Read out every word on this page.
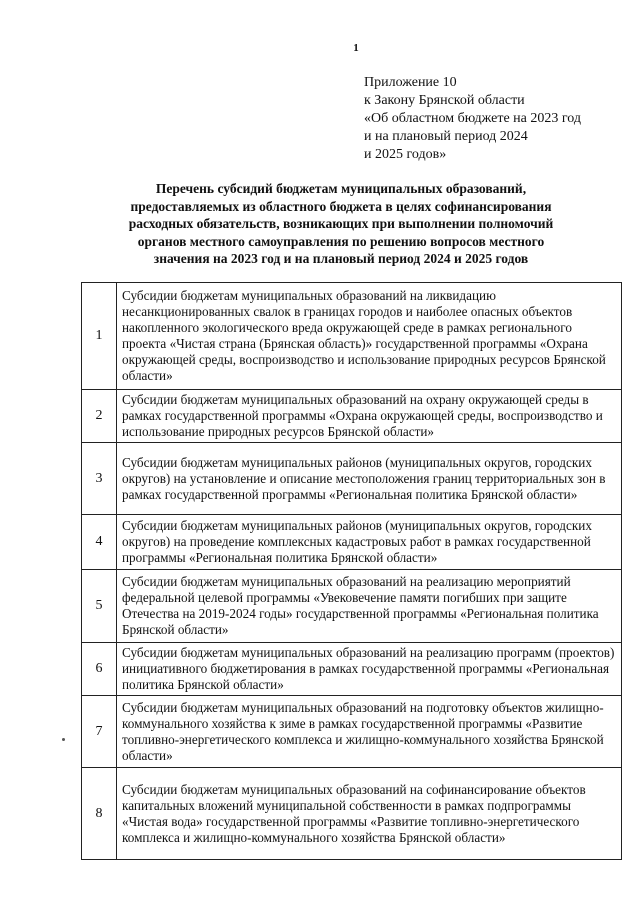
1
Приложение 10
к Закону Брянской области
«Об областном бюджете на 2023 год
и на плановый период 2024
и 2025 годов»
Перечень субсидий бюджетам муниципальных образований,
предоставляемых из областного бюджета в целях софинансирования
расходных обязательств, возникающих при выполнении полномочий
органов местного самоуправления по решению вопросов местного
значения на 2023 год и на плановый период 2024 и 2025 годов
1	Субсидии бюджетам муниципальных образований на ликвидацию несанкционированных свалок в границах городов и наиболее опасных объектов накопленного экологического вреда окружающей среде в рамках регионального проекта «Чистая страна (Брянская область)» государственной программы «Охрана окружающей среды, воспроизводство и использование природных ресурсов Брянской области»
2	Субсидии бюджетам муниципальных образований на охрану окружающей среды в рамках государственной программы «Охрана окружающей среды, воспроизводство и использование природных ресурсов Брянской области»
3	Субсидии бюджетам муниципальных районов (муниципальных округов, городских округов) на установление и описание местоположения границ территориальных зон в рамках государственной программы «Региональная политика Брянской области»
4	Субсидии бюджетам муниципальных районов (муниципальных округов, городских округов) на проведение комплексных кадастровых работ в рамках государственной программы «Региональная политика Брянской области»
5	Субсидии бюджетам муниципальных образований на реализацию мероприятий федеральной целевой программы «Увековечение памяти погибших при защите Отечества на 2019-2024 годы» государственной программы «Региональная политика Брянской области»
6	Субсидии бюджетам муниципальных образований на реализацию программ (проектов) инициативного бюджетирования в рамках государственной программы «Региональная политика Брянской области»
7	Субсидии бюджетам муниципальных образований на подготовку объектов жилищно-коммунального хозяйства к зиме в рамках государственной программы «Развитие топливно-энергетического комплекса и жилищно-коммунального хозяйства Брянской области»
8	Субсидии бюджетам муниципальных образований на софинансирование объектов капитальных вложений муниципальной собственности в рамках подпрограммы «Чистая вода» государственной программы «Развитие топливно-энергетического комплекса и жилищно-коммунального хозяйства Брянской области»
